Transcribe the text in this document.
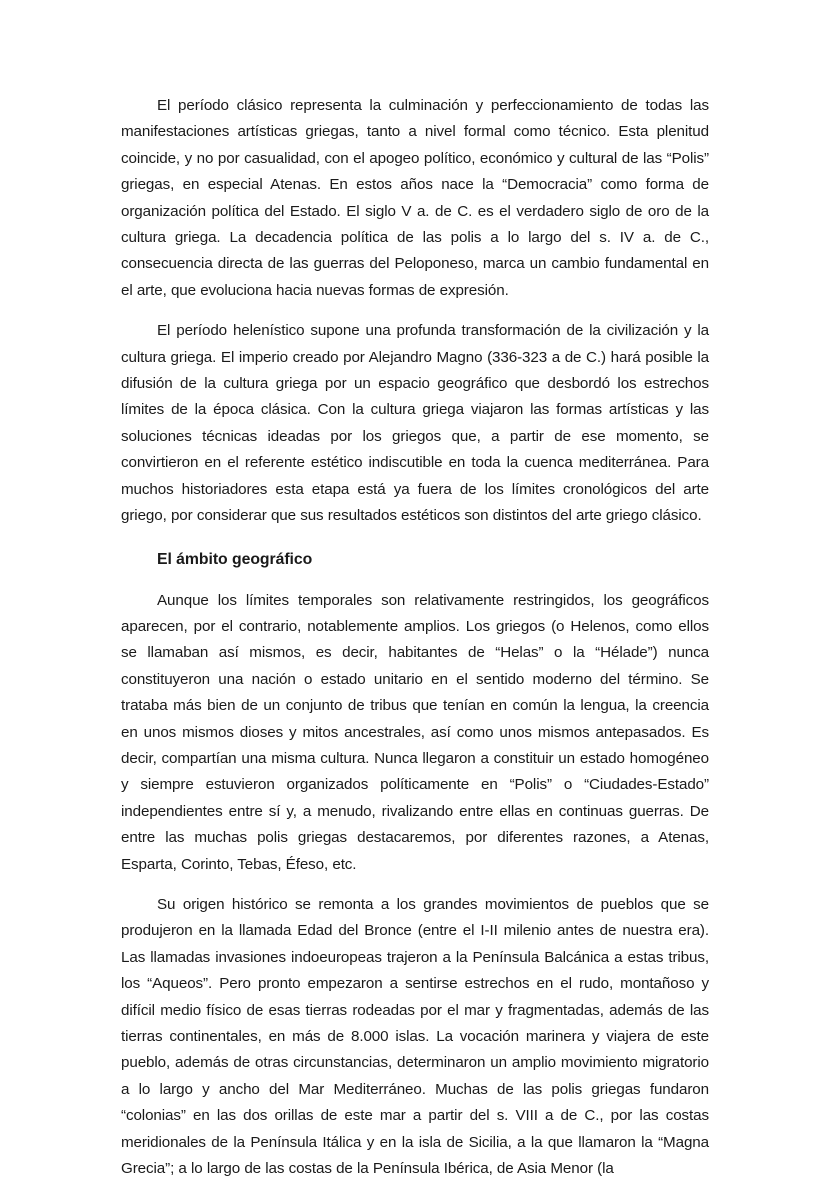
El período clásico representa la culminación y perfeccionamiento de todas las manifestaciones artísticas griegas, tanto a nivel formal como técnico. Esta plenitud coincide, y no por casualidad, con el apogeo político, económico y cultural de las “Polis” griegas, en especial Atenas. En estos años nace la “Democracia” como forma de organización política del Estado. El siglo V a. de C. es el verdadero siglo de oro de la cultura griega. La decadencia política de las polis a lo largo del s. IV a. de C., consecuencia directa de las guerras del Peloponeso, marca un cambio fundamental en el arte, que evoluciona hacia nuevas formas de expresión.

El período helenístico supone una profunda transformación de la civilización y la cultura griega. El imperio creado por Alejandro Magno (336-323 a de C.) hará posible la difusión de la cultura griega por un espacio geográfico que desbordó los estrechos límites de la época clásica. Con la cultura griega viajaron las formas artísticas y las soluciones técnicas ideadas por los griegos que, a partir de ese momento, se convirtieron en el referente estético indiscutible en toda la cuenca mediterránea. Para muchos historiadores esta etapa está ya fuera de los límites cronológicos del arte griego, por considerar que sus resultados estéticos son distintos del arte griego clásico.

El ámbito geográfico

Aunque los límites temporales son relativamente restringidos, los geográficos aparecen, por el contrario, notablemente amplios. Los griegos (o Helenos, como ellos se llamaban así mismos, es decir, habitantes de “Helas” o la “Hélade”) nunca constituyeron una nación o estado unitario en el sentido moderno del término. Se trataba más bien de un conjunto de tribus que tenían en común la lengua, la creencia en unos mismos dioses y mitos ancestrales, así como unos mismos antepasados. Es decir, compartían una misma cultura. Nunca llegaron a constituir un estado homogéneo y siempre estuvieron organizados políticamente en “Polis” o “Ciudades-Estado” independientes entre sí y, a menudo, rivalizando entre ellas en continuas guerras. De entre las muchas polis griegas destacaremos, por diferentes razones, a Atenas, Esparta, Corinto, Tebas, Éfeso, etc.

Su origen histórico se remonta a los grandes movimientos de pueblos que se produjeron en la llamada Edad del Bronce (entre el I-II milenio antes de nuestra era). Las llamadas invasiones indoeuropeas trajeron a la Península Balcánica a estas tribus, los “Aqueos”. Pero pronto empezaron a sentirse estrechos en el rudo, montañoso y difícil medio físico de esas tierras rodeadas por el mar y fragmentadas, además de las tierras continentales, en más de 8.000 islas. La vocación marinera y viajera de este pueblo, además de otras circunstancias, determinaron un amplio movimiento migratorio a lo largo y ancho del Mar Mediterráneo. Muchas de las polis griegas fundaron “colonias” en las dos orillas de este mar a partir del s. VIII a de C., por las costas meridionales de la Península Itálica y en la isla de Sicilia, a la que llamaron la “Magna Grecia”; a lo largo de las costas de la Península Ibérica, de Asia Menor (la
